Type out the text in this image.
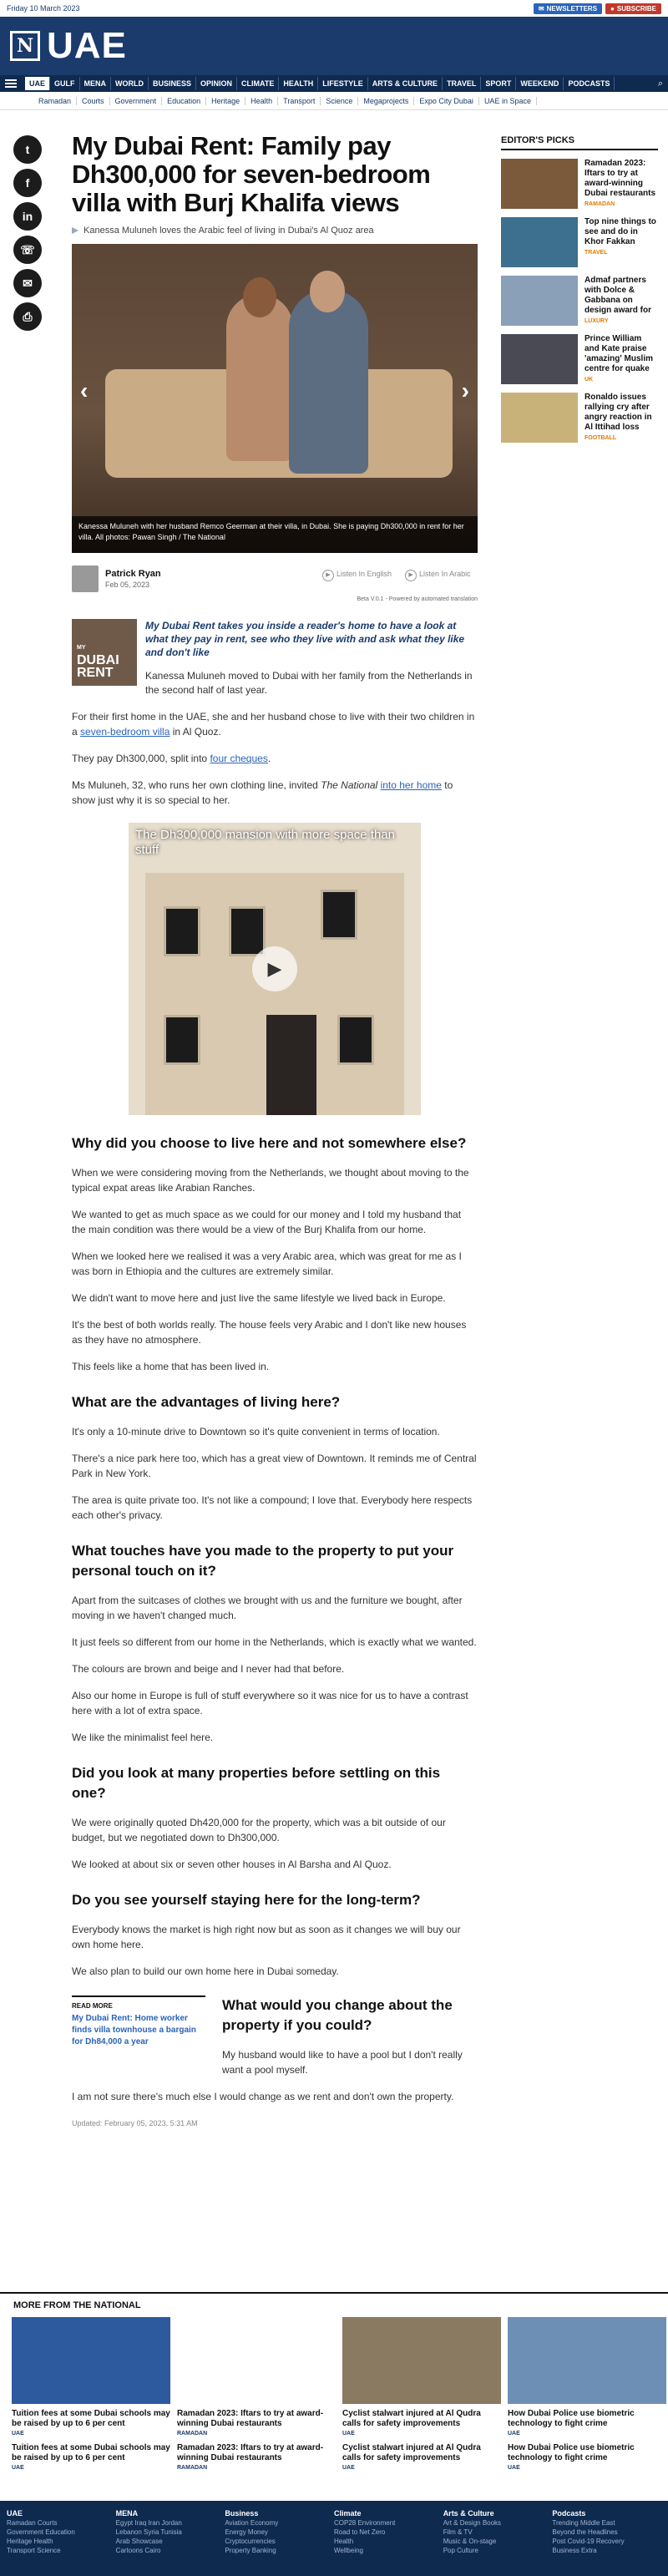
Friday 10 March 2023	✉ NEWSLETTERS ● SUBSCRIBE
N UAE
UAE	GULF	MENA	WORLD	BUSINESS	OPINION	CLIMATE	HEALTH	LIFESTYLE	ARTS & CULTURE	TRAVEL	SPORT	WEEKEND	PODCASTS	⌕
Ramadan	Courts	Government	Education	Heritage	Health	Transport	Science	Megaprojects	Expo City Dubai	UAE in Space
t
f
in
☏
✉
⎙
My Dubai Rent: Family pay Dh300,000 for seven-bedroom villa with Burj Khalifa views
Kanessa Muluneh loves the Arabic feel of living in Dubai's Al Quoz area
‹	›
Kanessa Muluneh with her husband Remco Geerman at their villa, in Dubai. She is paying Dh300,000 in rent for her villa. All photos: Pawan Singh / The National
Patrick Ryan
Feb 05, 2023
▶ Listen In English	▶ Listen In Arabic
Beta V.0.1 - Powered by automated translation
MY
DUBAI RENT

My Dubai Rent takes you inside a reader's home to have a look at what they pay in rent, see who they live with and ask what they like and don't like

Kanessa Muluneh moved to Dubai with her family from the Netherlands in the second half of last year.

For their first home in the UAE, she and her husband chose to live with their two children in a seven-bedroom villa in Al Quoz.

They pay Dh300,000, split into four cheques.

Ms Muluneh, 32, who runs her own clothing line, invited The National into her home to show just why it is so special to her.

The Dh300,000 mansion with more space than stuff
▶
Why did you choose to live here and not somewhere else?

When we were considering moving from the Netherlands, we thought about moving to the typical expat areas like Arabian Ranches.

We wanted to get as much space as we could for our money and I told my husband that the main condition was there would be a view of the Burj Khalifa from our home.

When we looked here we realised it was a very Arabic area, which was great for me as I was born in Ethiopia and the cultures are extremely similar.

We didn't want to move here and just live the same lifestyle we lived back in Europe.

It's the best of both worlds really. The house feels very Arabic and I don't like new houses as they have no atmosphere.

This feels like a home that has been lived in.

What are the advantages of living here?

It's only a 10-minute drive to Downtown so it's quite convenient in terms of location.

There's a nice park here too, which has a great view of Downtown. It reminds me of Central Park in New York.

The area is quite private too. It's not like a compound; I love that. Everybody here respects each other's privacy.

What touches have you made to the property to put your personal touch on it?

Apart from the suitcases of clothes we brought with us and the furniture we bought, after moving in we haven't changed much.

It just feels so different from our home in the Netherlands, which is exactly what we wanted.

The colours are brown and beige and I never had that before.

Also our home in Europe is full of stuff everywhere so it was nice for us to have a contrast here with a lot of extra space.

We like the minimalist feel here.

Did you look at many properties before settling on this one?

We were originally quoted Dh420,000 for the property, which was a bit outside of our budget, but we negotiated down to Dh300,000.

We looked at about six or seven other houses in Al Barsha and Al Quoz.

Do you see yourself staying here for the long-term?

Everybody knows the market is high right now but as soon as it changes we will buy our own home here.

We also plan to build our own home here in Dubai someday.

READ MORE
My Dubai Rent: Home worker finds villa townhouse a bargain for Dh84,000 a year
What would you change about the property if you could?

My husband would like to have a pool but I don't really want a pool myself.

I am not sure there's much else I would change as we rent and don't own the property.

Updated: February 05, 2023, 5:31 AM

EDITOR'S PICKS
Ramadan 2023: Iftars to try at award-winning Dubai restaurants
RAMADAN
Top nine things to see and do in Khor Fakkan
TRAVEL
Admaf partners with Dolce & Gabbana on design award for
LUXURY
Prince William and Kate praise 'amazing' Muslim centre for quake
UK
Ronaldo issues rallying cry after angry reaction in Al Ittihad loss
FOOTBALL
MORE FROM THE NATIONAL
Tuition fees at some Dubai schools may be raised by up to 6 per cent
UAE
Tuition fees at some Dubai schools may be raised by up to 6 per cent
UAE
Ramadan 2023: Iftars to try at award-winning Dubai restaurants
RAMADAN
Ramadan 2023: Iftars to try at award-winning Dubai restaurants
RAMADAN
Cyclist stalwart injured at Al Qudra calls for safety improvements
UAE
Cyclist stalwart injured at Al Qudra calls for safety improvements
UAE
How Dubai Police use biometric technology to fight crime
UAE
How Dubai Police use biometric technology to fight crime
UAE
UAE
Ramadan Courts
Government Education
Heritage Health
Transport Science
MENA
Egypt Iraq Iran Jordan
Lebanon Syria Tunisia
Arab Showcase
Cartoons Cairo
Business
Aviation Economy
Energy Money
Cryptocurrencies
Property Banking
Climate
COP28 Environment
Road to Net Zero
Health
Wellbeing
Arts & Culture
Art & Design Books
Film & TV
Music & On-stage
Pop Culture
Podcasts
Trending Middle East
Beyond the Headlines
Post Covid-19 Recovery
Business Extra
